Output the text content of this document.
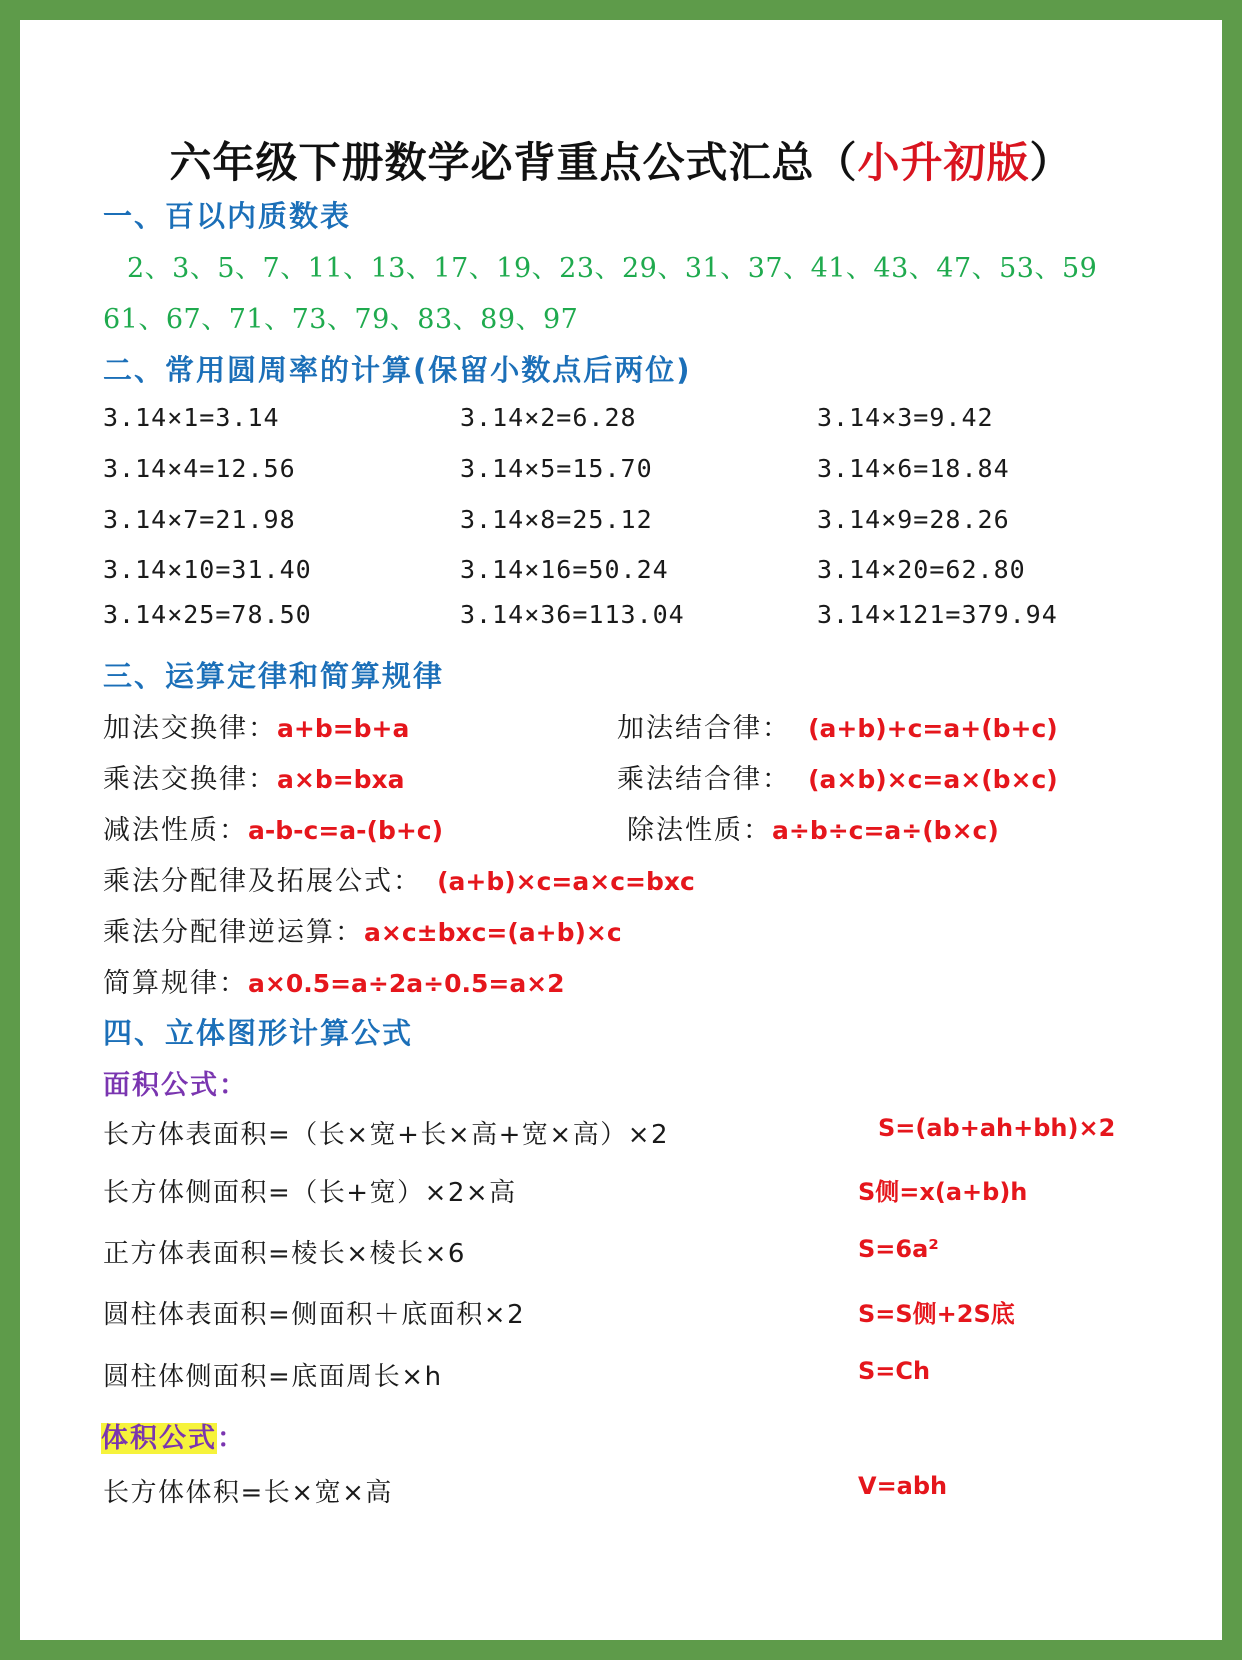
六年级下册数学必背重点公式汇总（小升初版）
一、百以内质数表
2、3、5、7、11、13、17、19、23、29、31、37、41、43、47、53、59
61、67、71、73、79、83、89、97
二、常用圆周率的计算(保留小数点后两位)
3.14×1=3.14	3.14×2=6.28	3.14×3=9.42
3.14×4=12.56	3.14×5=15.70	3.14×6=18.84
3.14×7=21.98	3.14×8=25.12	3.14×9=28.26
3.14×10=31.40	3.14×16=50.24	3.14×20=62.80
3.14×25=78.50	3.14×36=113.04	3.14×121=379.94
三、运算定律和简算规律
加法交换律：a+b=b+a	加法结合律： (a+b)+c=a+(b+c)
乘法交换律：a×b=bxa	乘法结合律： (a×b)×c=a×(b×c)
减法性质：a-b-c=a-(b+c)	除法性质：a÷b÷c=a÷(b×c)
乘法分配律及拓展公式： (a+b)×c=a×c=bxc
乘法分配律逆运算：a×c±bxc=(a+b)×c
简算规律：a×0.5=a÷2a÷0.5=a×2
四、立体图形计算公式
面积公式：
长方体表面积=（长×宽+长×高+宽×高）×2	S=(ab+ah+bh)×2
长方体侧面积=（长+宽）×2×高	S侧=x(a+b)h
正方体表面积=棱长×棱长×6	S=6a²
圆柱体表面积=侧面积＋底面积×2	S=S侧+2S底
圆柱体侧面积=底面周长×h	S=Ch
体积公式：
长方体体积=长×宽×高	V=abh
